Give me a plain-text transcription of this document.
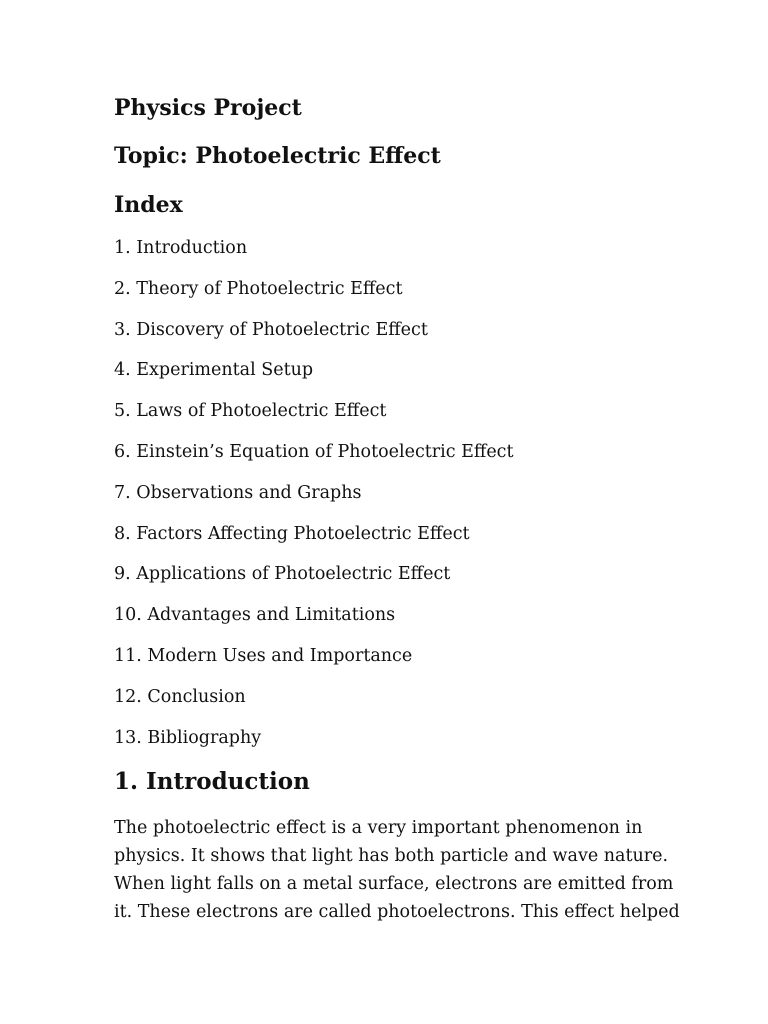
Physics Project
Topic: Photoelectric Effect
Index
1. Introduction
2. Theory of Photoelectric Effect
3. Discovery of Photoelectric Effect
4. Experimental Setup
5. Laws of Photoelectric Effect
6. Einstein’s Equation of Photoelectric Effect
7. Observations and Graphs
8. Factors Affecting Photoelectric Effect
9. Applications of Photoelectric Effect
10. Advantages and Limitations
11. Modern Uses and Importance
12. Conclusion
13. Bibliography
1. Introduction

The photoelectric effect is a very important phenomenon in
physics. It shows that light has both particle and wave nature.
When light falls on a metal surface, electrons are emitted from
it. These electrons are called photoelectrons. This effect helped
